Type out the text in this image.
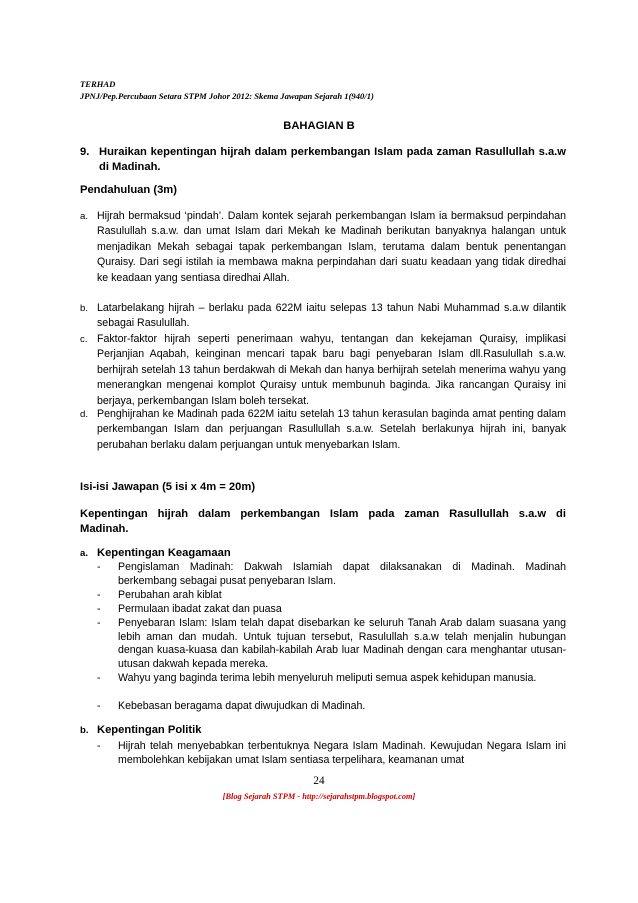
TERHAD
JPNJ/Pep.Percubaan Setara STPM Johor 2012: Skema Jawapan Sejarah 1(940/1)
BAHAGIAN B
9. Huraikan kepentingan hijrah dalam perkembangan Islam pada zaman Rasullullah s.a.w di Madinah.
Pendahuluan (3m)
a. Hijrah bermaksud ‘pindah’. Dalam kontek sejarah perkembangan Islam ia bermaksud perpindahan Rasulullah s.a.w. dan umat Islam dari Mekah ke Madinah berikutan banyaknya halangan untuk menjadikan Mekah sebagai tapak perkembangan Islam, terutama dalam bentuk penentangan Quraisy. Dari segi istilah ia membawa makna perpindahan dari suatu keadaan yang tidak diredhai ke keadaan yang sentiasa diredhai Allah.
b. Latarbelakang hijrah – berlaku pada 622M iaitu selepas 13 tahun Nabi Muhammad s.a.w dilantik sebagai Rasulullah.
c. Faktor-faktor hijrah seperti penerimaan wahyu, tentangan dan kekejaman Quraisy, implikasi Perjanjian Aqabah, keinginan mencari tapak baru bagi penyebaran Islam dll.Rasulullah s.a.w. berhijrah setelah 13 tahun berdakwah di Mekah dan hanya berhijrah setelah menerima wahyu yang menerangkan mengenai komplot Quraisy untuk membunuh baginda. Jika rancangan Quraisy ini berjaya, perkembangan Islam boleh tersekat.
d. Penghijrahan ke Madinah pada 622M iaitu setelah 13 tahun kerasulan baginda amat penting dalam perkembangan Islam dan perjuangan Rasullullah s.a.w. Setelah berlakunya hijrah ini, banyak perubahan berlaku dalam perjuangan untuk menyebarkan Islam.
Isi-isi Jawapan (5 isi x 4m = 20m)
Kepentingan hijrah dalam perkembangan Islam pada zaman Rasullullah s.a.w di
Madinah.
a. Kepentingan Keagamaan
- Pengislaman Madinah: Dakwah Islamiah dapat dilaksanakan di Madinah. Madinah berkembang sebagai pusat penyebaran Islam.
- Perubahan arah kiblat
- Permulaan ibadat zakat dan puasa
- Penyebaran Islam: Islam telah dapat disebarkan ke seluruh Tanah Arab dalam suasana yang lebih aman dan mudah. Untuk tujuan tersebut, Rasulullah s.a.w telah menjalin hubungan dengan kuasa-kuasa dan kabilah-kabilah Arab luar Madinah dengan cara menghantar utusan-utusan dakwah kepada mereka.
- Wahyu yang baginda terima lebih menyeluruh meliputi semua aspek kehidupan manusia.
- Kebebasan beragama dapat diwujudkan di Madinah.
b. Kepentingan Politik
- Hijrah telah menyebabkan terbentuknya Negara Islam Madinah. Kewujudan Negara Islam ini membolehkan kebijakan umat Islam sentiasa terpelihara, keamanan umat
24
[Blog Sejarah STPM - http://sejarahstpm.blogspot.com]
